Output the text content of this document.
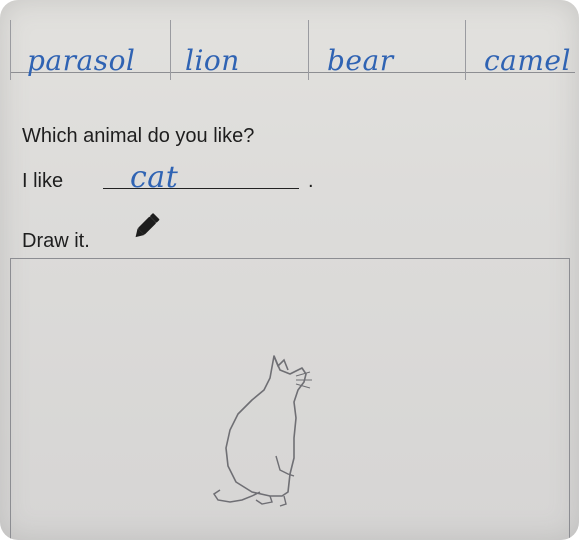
parasol lion	bear	camel
Which animal do you like?
I like cat	.
Draw it.
